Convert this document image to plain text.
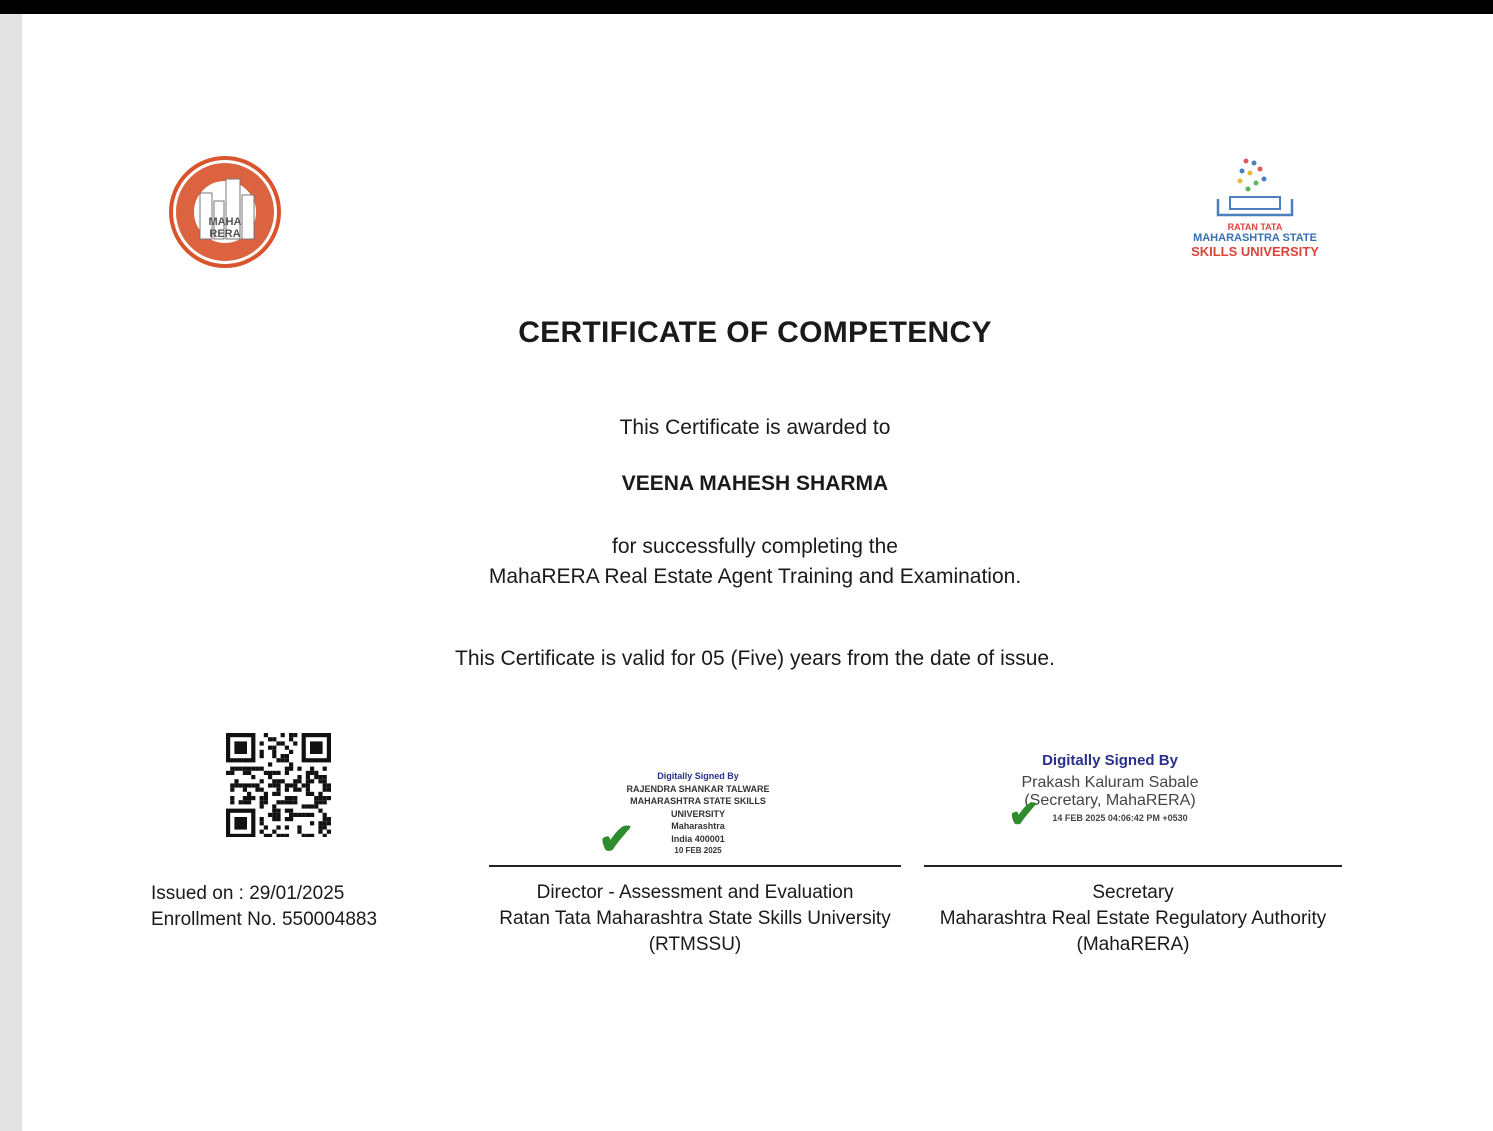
MAHA
RERA
RATAN TATA
MAHARASHTRA STATE
SKILLS UNIVERSITY
CERTIFICATE OF COMPETENCY
This Certificate is awarded to
VEENA MAHESH SHARMA
for successfully completing the
MahaRERA Real Estate Agent Training and Examination.
This Certificate is valid for 05 (Five) years from the date of issue.
Issued on : 29/01/2025
Enrollment No. 550004883
Digitally Signed By
RAJENDRA SHANKAR TALWARE
MAHARASHTRA STATE SKILLS
UNIVERSITY
Maharashtra
India 400001
10 FEB 2025
✔
Director - Assessment and Evaluation
Ratan Tata Maharashtra State Skills University
(RTMSSU)
Digitally Signed By
Prakash Kaluram Sabale
(Secretary, MahaRERA)
14 FEB 2025 04:06:42 PM +0530
✔
Secretary
Maharashtra Real Estate Regulatory Authority
(MahaRERA)
